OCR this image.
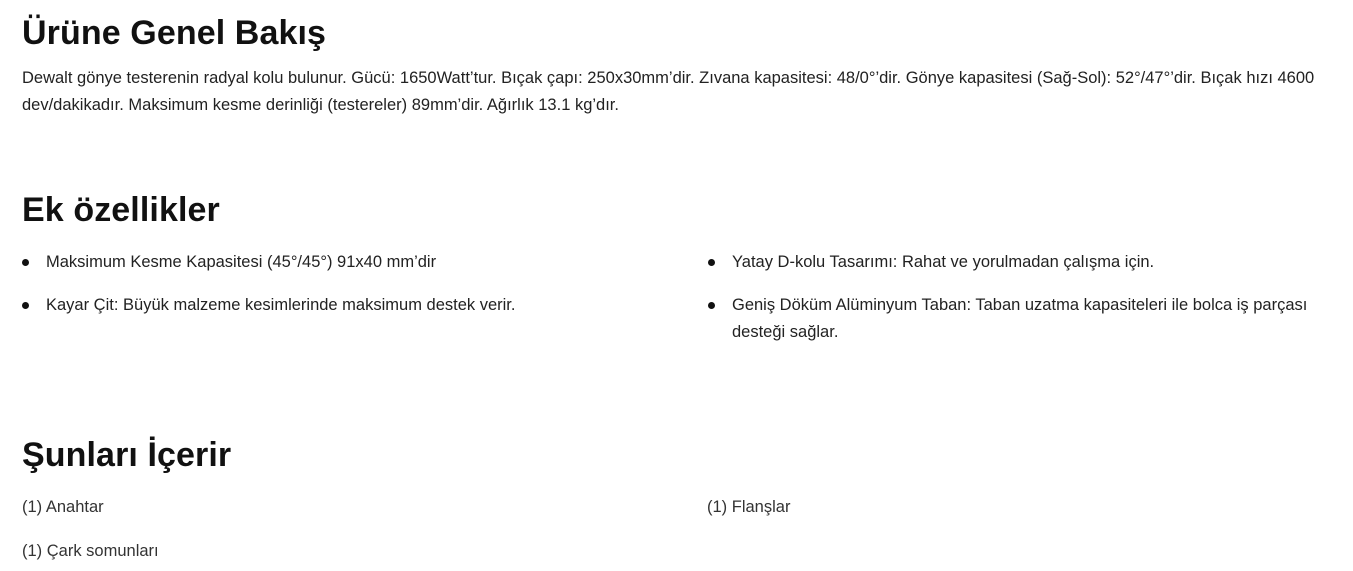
Ürüne Genel Bakış

Dewalt gönye testerenin radyal kolu bulunur. Gücü: 1650Watt’tur. Bıçak çapı: 250x30mm’dir. Zıvana kapasitesi: 48/0°’dir. Gönye kapasitesi (Sağ-Sol): 52°/47°’dir. Bıçak hızı 4600 dev/dakikadır. Maksimum kesme derinliği (testereler) 89mm’dir. Ağırlık 13.1 kg’dır.

Ek özellikler
Maksimum Kesme Kapasitesi (45°/45°) 91x40 mm’dir	Yatay D-kolu Tasarımı: Rahat ve yorulmadan çalışma için.
Kayar Çit: Büyük malzeme kesimlerinde maksimum destek verir.	Geniş Döküm Alüminyum Taban: Taban uzatma kapasiteleri ile bolca iş parçası desteği sağlar.
Şunları İçerir
(1) Anahtar	(1) Flanşlar
(1) Çark somunları
